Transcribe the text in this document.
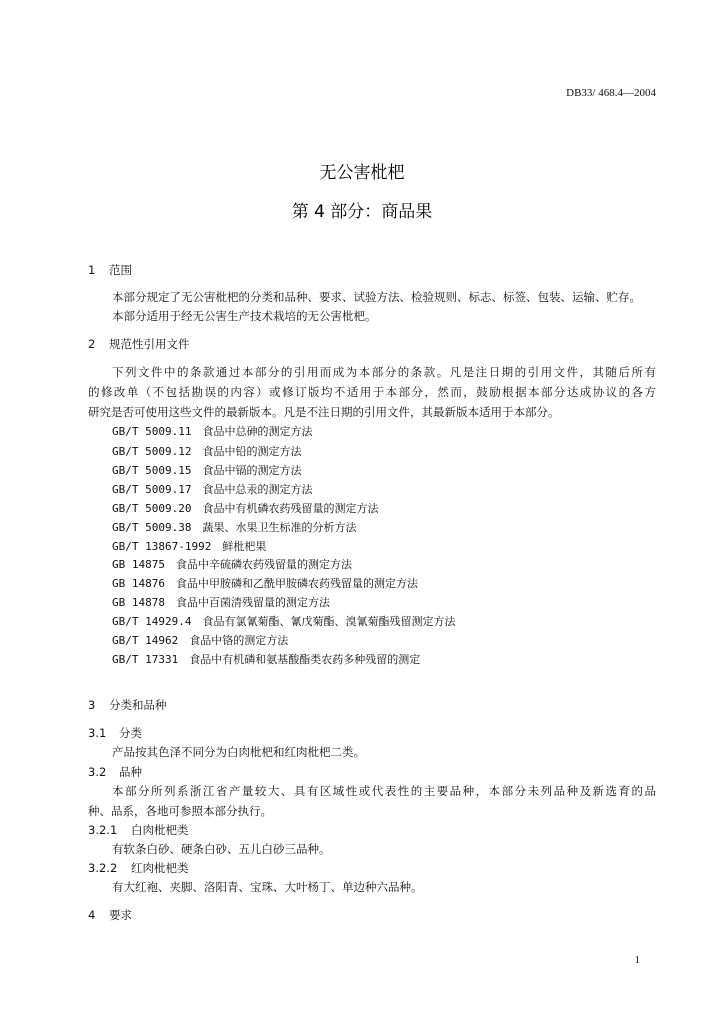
DB33/ 468.4—2004
无公害枇杷
第 4 部分：商品果
1 范围
本部分规定了无公害枇杷的分类和品种、要求、试验方法、检验规则、标志、标签、包装、运输、贮存。
本部分适用于经无公害生产技术栽培的无公害枇杷。
2 规范性引用文件
下列文件中的条款通过本部分的引用而成为本部分的条款。凡是注日期的引用文件，其随后所有
的修改单（不包括勘误的内容）或修订版均不适用于本部分，然而，鼓励根据本部分达成协议的各方
研究是否可使用这些文件的最新版本。凡是不注日期的引用文件，其最新版本适用于本部分。
GB/T 5009.11　食品中总砷的测定方法
GB/T 5009.12　食品中铅的测定方法
GB/T 5009.15　食品中镉的测定方法
GB/T 5009.17　食品中总汞的测定方法
GB/T 5009.20　食品中有机磷农药残留量的测定方法
GB/T 5009.38　蔬果、水果卫生标准的分析方法
GB/T 13867-1992　鲜枇杷果
GB 14875　食品中辛硫磷农药残留量的测定方法
GB 14876　食品中甲胺磷和乙酰甲胺磷农药残留量的测定方法
GB 14878　食品中百菌清残留量的测定方法
GB/T 14929.4　食品有氯氰菊酯、氰戊菊酯、溴氰菊酯残留测定方法
GB/T 14962　食品中铬的测定方法
GB/T 17331　食品中有机磷和氨基酸酯类农药多种残留的测定
3 分类和品种
3.1 分类
产品按其色泽不同分为白肉枇杷和红肉枇杷二类。
3.2 品种
本部分所列系浙江省产量较大、具有区域性或代表性的主要品种，本部分未列品种及新选育的品
种、品系，各地可参照本部分执行。
3.2.1 白肉枇杷类
有软条白砂、硬条白砂、五儿白砂三品种。
3.2.2 红肉枇杷类
有大红袍、夹脚、洛阳青、宝珠、大叶杨丁、单边种六品种。
4 要求
1
